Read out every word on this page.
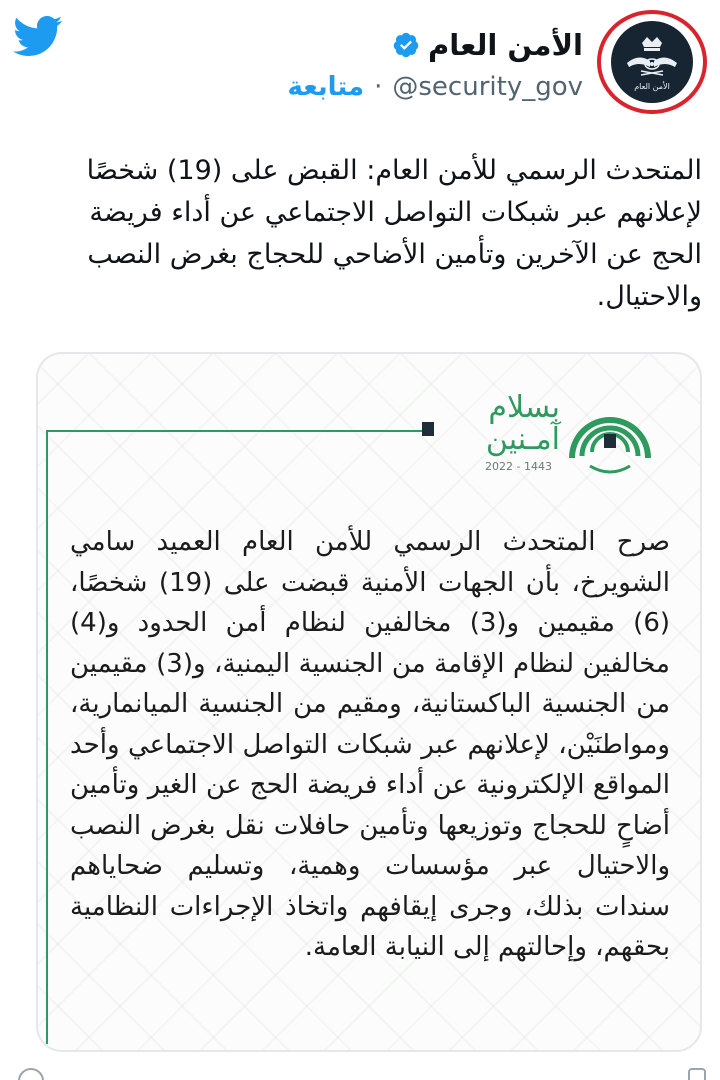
الأمن العام
الأمن العام
@security_gov
·
متابعة

المتحدث الرسمي للأمن العام: القبض على (19) شخصًا لإعلانهم عبر شبكات التواصل الاجتماعي عن أداء فريضة الحج عن الآخرين وتأمين الأضاحي للحجاج بغرض النصب والاحتيال.

بسلام
آمـنين
2022 - 1443

صرح المتحدث الرسمي للأمن العام العميد سامي الشويرخ، بأن الجهات الأمنية قبضت على (19) شخصًا، (6) مقيمين و(3) مخالفين لنظام أمن الحدود و(4) مخالفين لنظام الإقامة من الجنسية اليمنية، و(3) مقيمين من الجنسية الباكستانية، ومقيم من الجنسية الميانمارية، ومواطنَيْن، لإعلانهم عبر شبكات التواصل الاجتماعي وأحد المواقع الإلكترونية عن أداء فريضة الحج عن الغير وتأمين أضاحٍ للحجاج وتوزيعها وتأمين حافلات نقل بغرض النصب والاحتيال عبر مؤسسات وهمية، وتسليم ضحاياهم سندات بذلك، وجرى إيقافهم واتخاذ الإجراءات النظامية بحقهم، وإحالتهم إلى النيابة العامة.
